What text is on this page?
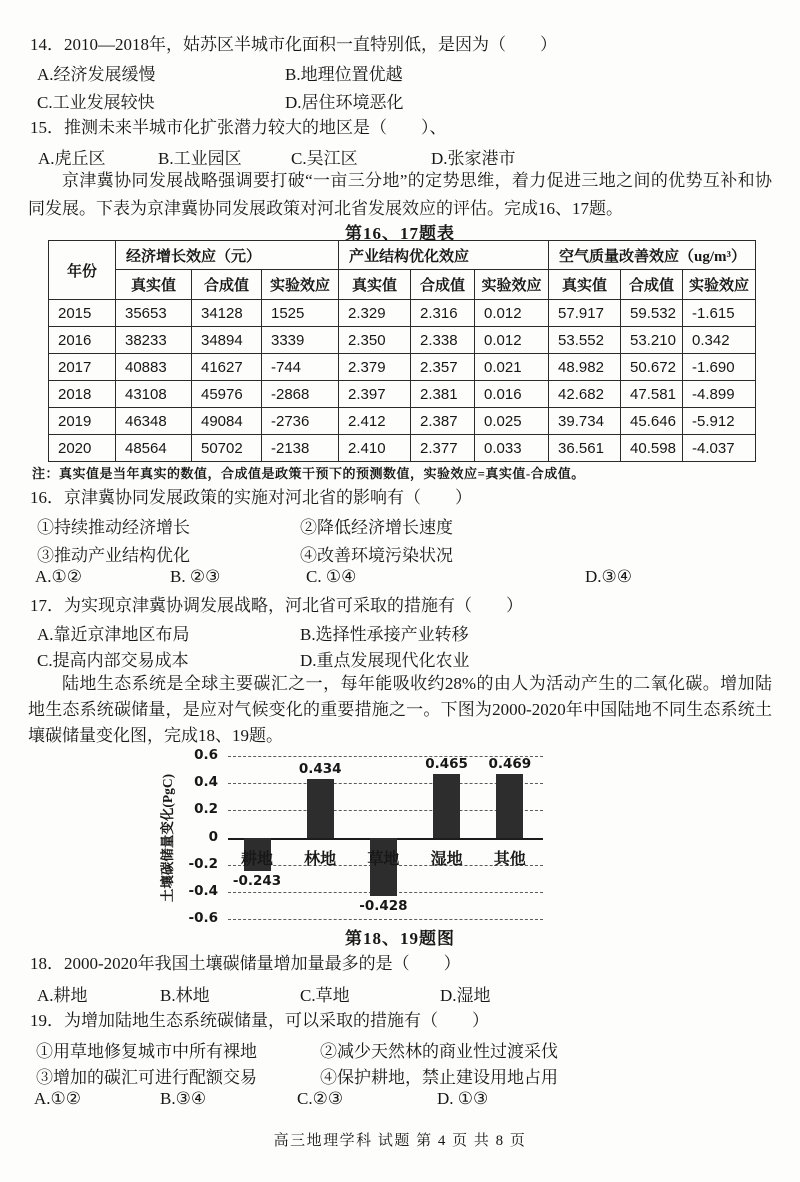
14．2010—2018年，姑苏区半城市化面积一直特别低，是因为（　　）
A.经济发展缓慢	B.地理位置优越
C.工业发展较快	D.居住环境恶化
15．推测未来半城市化扩张潜力较大的地区是（　　）、
A.虎丘区	B.工业园区	C.吴江区	D.张家港市
京津冀协同发展战略强调要打破“一亩三分地”的定势思维，着力促进三地之间的优势互补和协同发展。下表为京津冀协同发展政策对河北省发展效应的评估。完成16、17题。
第16、17题表
年份	经济增长效应（元）			产业结构优化效应			空气质量改善效应（ug/m³）		
	真实值	合成值	实验效应	真实值	合成值	实验效应	真实值	合成值	实验效应
2015	35653	34128	1525	2.329	2.316	0.012	57.917	59.532	-1.615
2016	38233	34894	3339	2.350	2.338	0.012	53.552	53.210	0.342
2017	40883	41627	-744	2.379	2.357	0.021	48.982	50.672	-1.690
2018	43108	45976	-2868	2.397	2.381	0.016	42.682	47.581	-4.899
2019	46348	49084	-2736	2.412	2.387	0.025	39.734	45.646	-5.912
2020	48564	50702	-2138	2.410	2.377	0.033	36.561	40.598	-4.037
注：真实值是当年真实的数值，合成值是政策干预下的预测数值，实验效应=真实值-合成值。
16．京津冀协同发展政策的实施对河北省的影响有（　　）
①持续推动经济增长	②降低经济增长速度
③推动产业结构优化	④改善环境污染状况
A.①②	B. ②③	C. ①④	D.③④
17．为实现京津冀协调发展战略，河北省可采取的措施有（　　）
A.靠近京津地区布局	B.选择性承接产业转移
C.提高内部交易成本	D.重点发展现代化农业
陆地生态系统是全球主要碳汇之一，每年能吸收约28%的由人为活动产生的二氧化碳。增加陆地生态系统碳储量，是应对气候变化的重要措施之一。下图为2000-2020年中国陆地不同生态系统土壤碳储量变化图，完成18、19题。
土壤碳储量变化(PgC)
0.6
0.4
0.2
0
-0.2
-0.4
-0.6
-0.243
耕地
0.434
林地
-0.428
草地
0.465
湿地
0.469
其他
第18、19题图
18．2000-2020年我国土壤碳储量增加量最多的是（　　）
A.耕地	B.林地	C.草地	D.湿地
19．为增加陆地生态系统碳储量，可以采取的措施有（　　）
①用草地修复城市中所有裸地	②减少天然林的商业性过渡采伐
③增加的碳汇可进行配额交易	④保护耕地，禁止建设用地占用
A.①②	B.③④	C.②③	D. ①③
高三地理学科 试题 第 4 页 共 8 页
